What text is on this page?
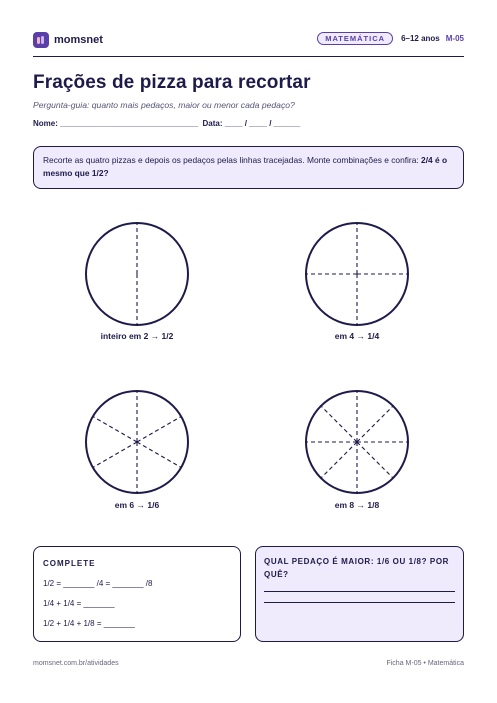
momsnet	MATEMÁTICA	6–12 anos M-05
Frações de pizza para recortar
Pergunta-guia: quanto mais pedaços, maior ou menor cada pedaço?
Nome: _______________________________  Data: ____ / ____ / ______
Recorte as quatro pizzas e depois os pedaços pelas linhas tracejadas. Monte combinações e confira: 2/4 é o mesmo que 1/2?
inteiro em 2 → 1/2	em 4 → 1/4
em 6 → 1/6	em 8 → 1/8
COMPLETE
1/2 = _______ /4 = _______ /8
1/4 + 1/4 = _______
1/2 + 1/4 + 1/8 = _______
QUAL PEDAÇO É MAIOR: 1/6 OU 1/8? POR QUÊ?
momsnet.com.br/atividades	Ficha M-05 • Matemática
